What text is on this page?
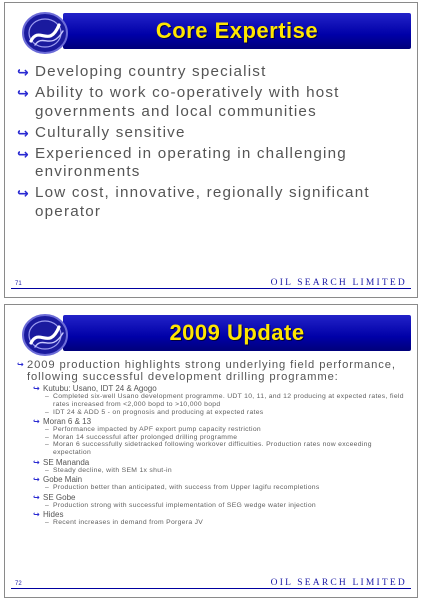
Core Expertise
↪ Developing country specialist
↪ Ability to work co-operatively with host governments and local communities
↪ Culturally sensitive
↪ Experienced in operating in challenging environments
↪ Low cost, innovative, regionally significant operator
71	OIL SEARCH LIMITED
2009 Update
↪ 2009 production highlights strong underlying field performance, following successful development drilling programme:
↪ Kutubu: Usano, IDT 24 & Agogo
– Completed six-well Usano development programme. UDT 10, 11, and 12 producing at expected rates, field rates increased from <2,000 bopd to >10,000 bopd
– IDT 24 & ADD 5 - on prognosis and producing at expected rates
↪ Moran 6 & 13
– Performance impacted by APF export pump capacity restriction
– Moran 14 successful after prolonged drilling programme
– Moran 6 successfully sidetracked following workover difficulties. Production rates now exceeding expectation
↪ SE Mananda
– Steady decline, with SEM 1x shut-in
↪ Gobe Main
– Production better than anticipated, with success from Upper Iagifu recompletions
↪ SE Gobe
– Production strong with successful implementation of SEG wedge water injection
↪ Hides
– Recent increases in demand from Porgera JV
72	OIL SEARCH LIMITED
